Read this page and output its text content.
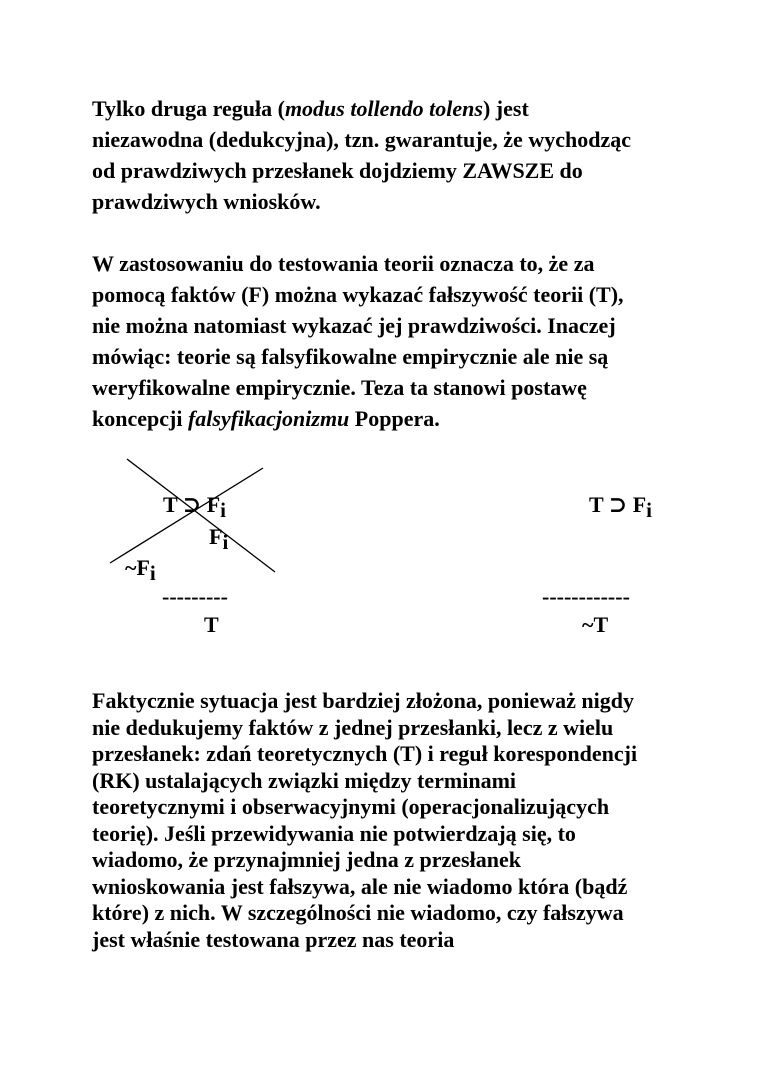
Tylko druga reguła (modus tollendo tolens) jest
niezawodna (dedukcyjna), tzn. gwarantuje, że wychodząc
od prawdziwych przesłanek dojdziemy ZAWSZE do
prawdziwych wniosków.
W zastosowaniu do testowania teorii oznacza to, że za
pomocą faktów (F) można wykazać fałszywość teorii (T),
nie można natomiast wykazać jej prawdziwości. Inaczej
mówiąc: teorie są falsyfikowalne empirycznie ale nie są
weryfikowalne empirycznie. Teza ta stanowi postawę
koncepcji falsyfikacjonizmu Poppera.
T ⊃ Fi
Fi
~Fi
---------
T
T ⊃ Fi
------------
~T
Faktycznie sytuacja jest bardziej złożona, ponieważ nigdy
nie dedukujemy faktów z jednej przesłanki, lecz z wielu
przesłanek: zdań teoretycznych (T) i reguł korespondencji
(RK) ustalających związki między terminami
teoretycznymi i obserwacyjnymi (operacjonalizujących
teorię). Jeśli przewidywania nie potwierdzają się, to
wiadomo, że przynajmniej jedna z przesłanek
wnioskowania jest fałszywa, ale nie wiadomo która (bądź
które) z nich. W szczególności nie wiadomo, czy fałszywa
jest właśnie testowana przez nas teoria
